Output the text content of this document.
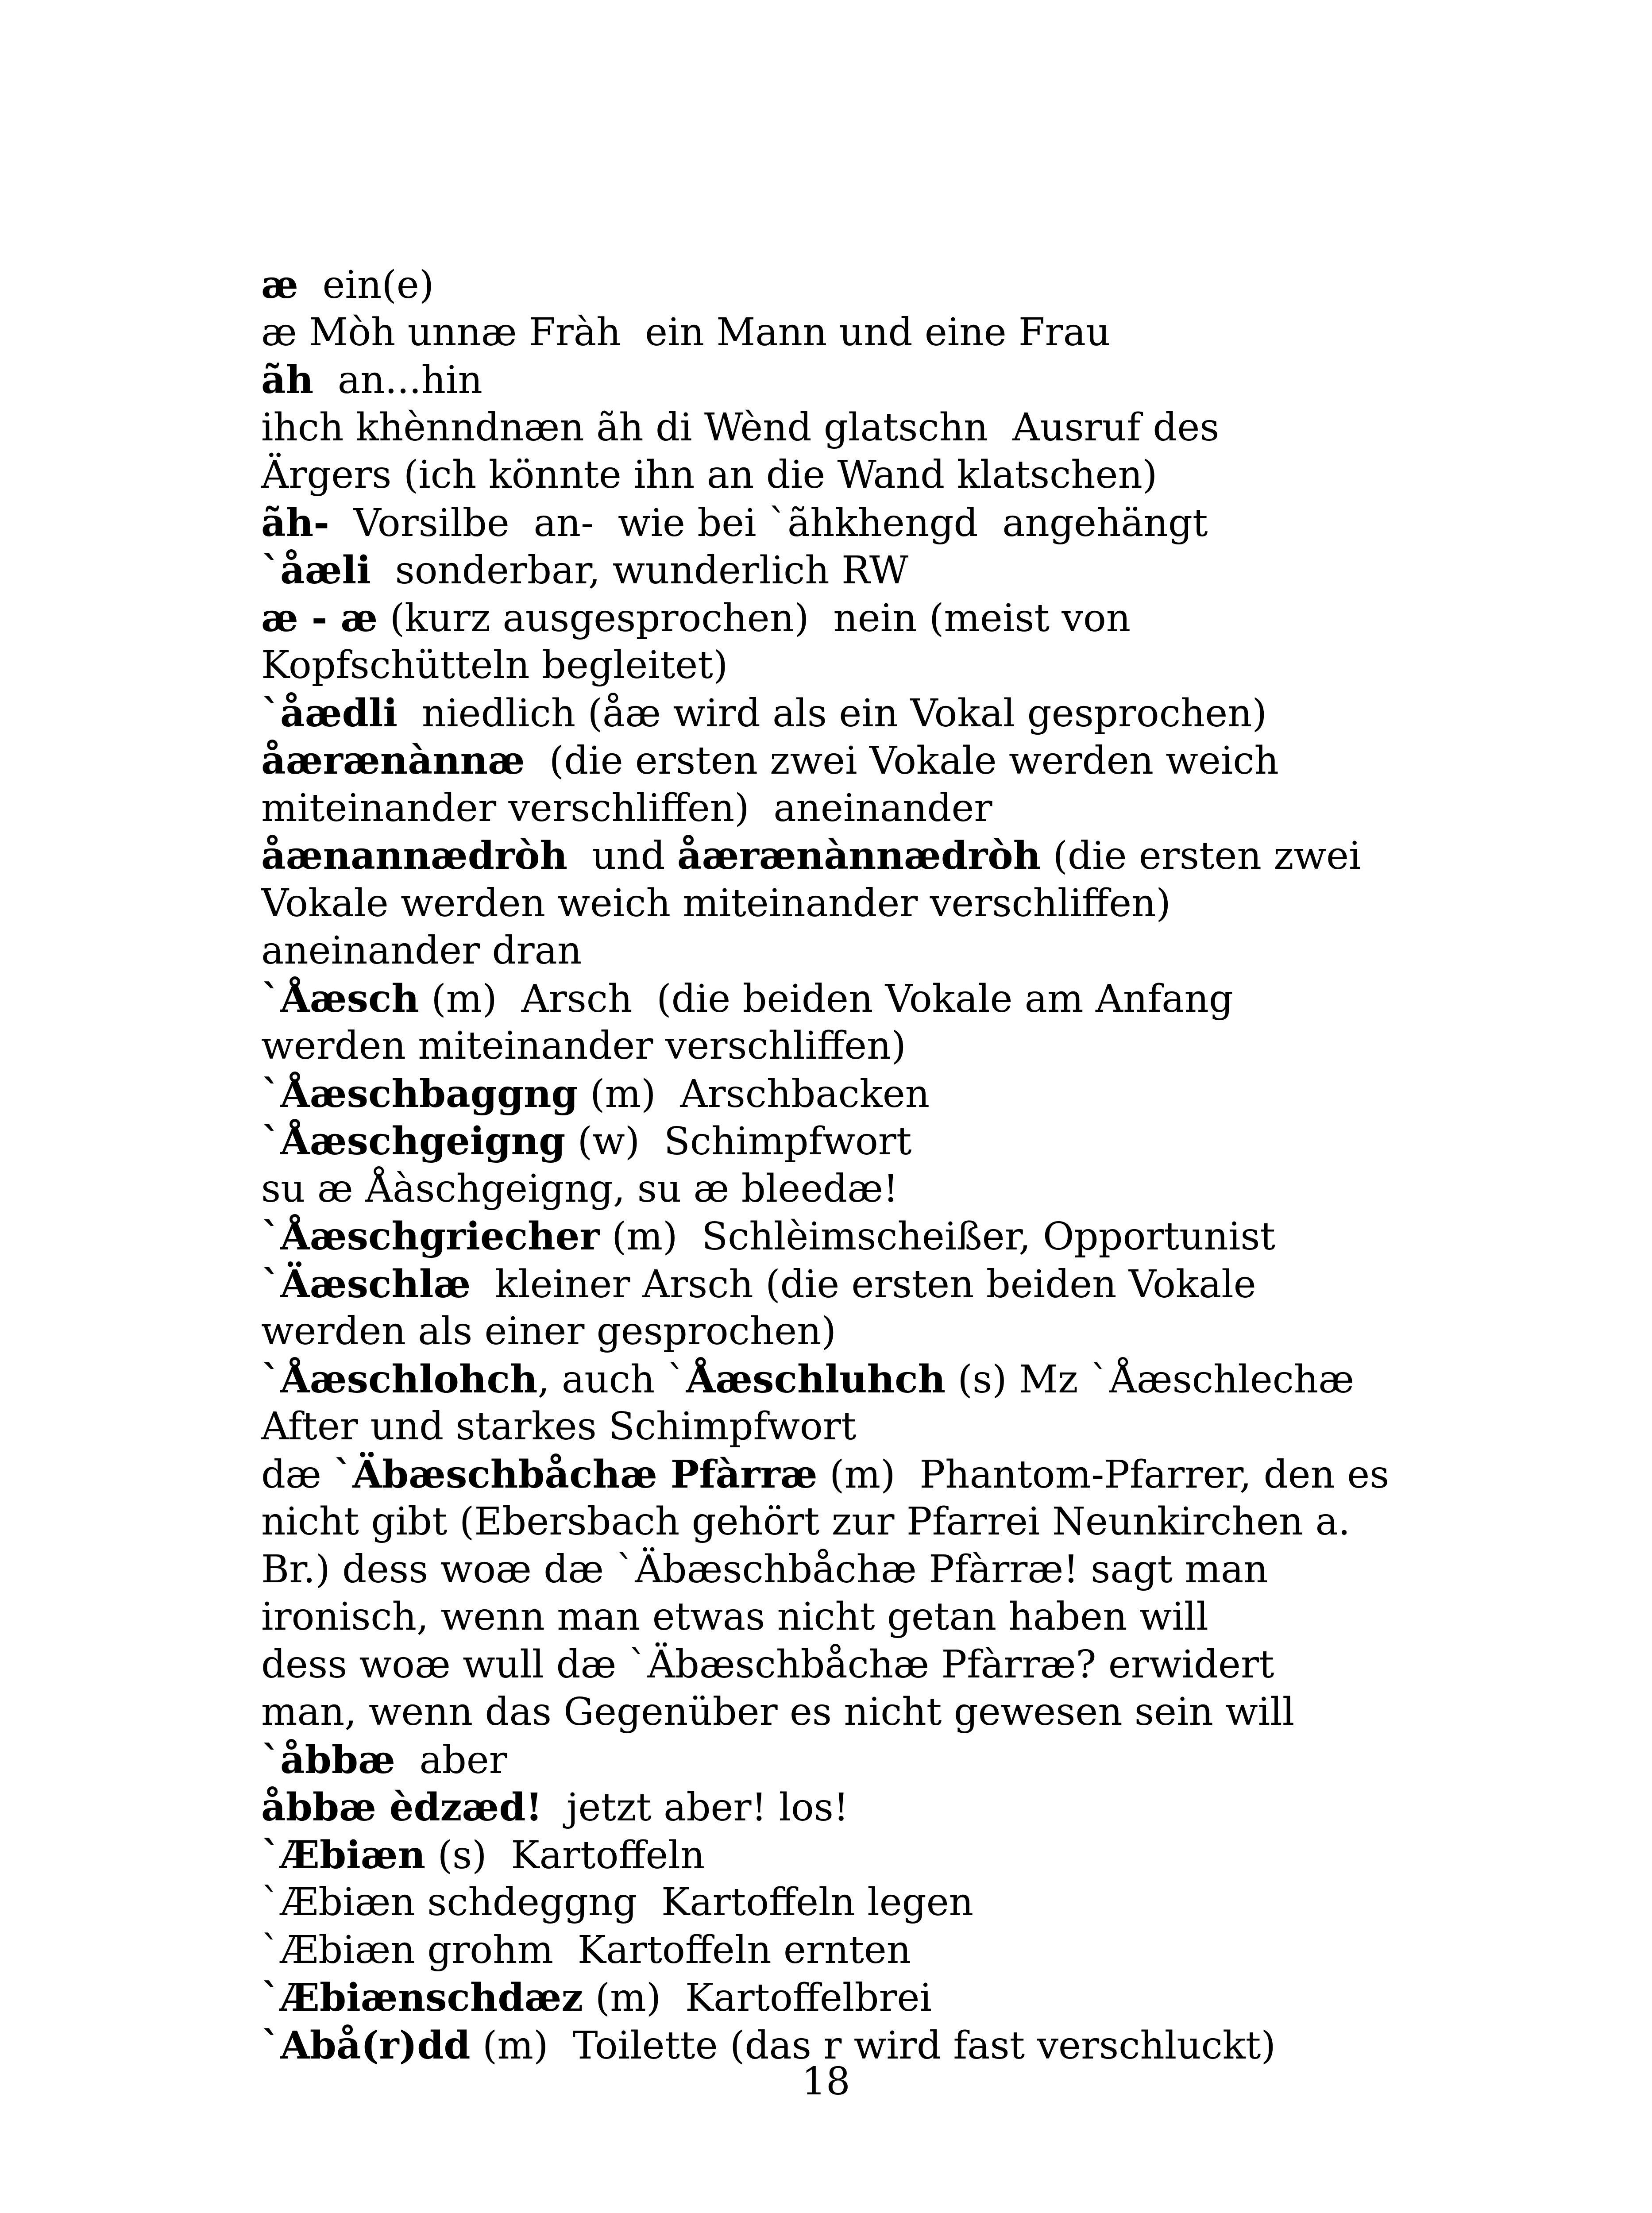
æ  ein(e)
æ Mòh unnæ Fràh  ein Mann und eine Frau
ãh  an...hin
ihch khènndnæn ãh di Wènd glatschn  Ausruf des
Ärgers (ich könnte ihn an die Wand klatschen)
ãh-  Vorsilbe  an-  wie bei `ãhkhengd  angehängt
`åæli  sonderbar, wunderlich RW
æ - æ (kurz ausgesprochen)  nein (meist von
Kopfschütteln begleitet)
`åædli  niedlich (åæ wird als ein Vokal gesprochen)
åærænànnæ  (die ersten zwei Vokale werden weich
miteinander verschliffen)  aneinander
åænannædròh  und åærænànnædròh (die ersten zwei
Vokale werden weich miteinander verschliffen)
aneinander dran
`Åæsch (m)  Arsch  (die beiden Vokale am Anfang
werden miteinander verschliffen)
`Åæschbaggng (m)  Arschbacken
`Åæschgeigng (w)  Schimpfwort
su æ Åàschgeigng, su æ bleedæ!
`Åæschgriecher (m)  Schlèimscheißer, Opportunist
`Äæschlæ  kleiner Arsch (die ersten beiden Vokale
werden als einer gesprochen)
`Åæschlohch, auch `Åæschluhch (s) Mz `Åæschlechæ
After und starkes Schimpfwort
dæ `Äbæschbåchæ Pfàrræ (m)  Phantom-Pfarrer, den es
nicht gibt (Ebersbach gehört zur Pfarrei Neunkirchen a.
Br.) dess woæ dæ `Äbæschbåchæ Pfàrræ! sagt man
ironisch, wenn man etwas nicht getan haben will
dess woæ wull dæ `Äbæschbåchæ Pfàrræ? erwidert
man, wenn das Gegenüber es nicht gewesen sein will
`åbbæ  aber
åbbæ èdzæd!  jetzt aber! los!
`Æbiæn (s)  Kartoffeln
`Æbiæn schdeggng  Kartoffeln legen
`Æbiæn grohm  Kartoffeln ernten
`Æbiænschdæz (m)  Kartoffelbrei
`Abå(r)dd (m)  Toilette (das r wird fast verschluckt)
18
